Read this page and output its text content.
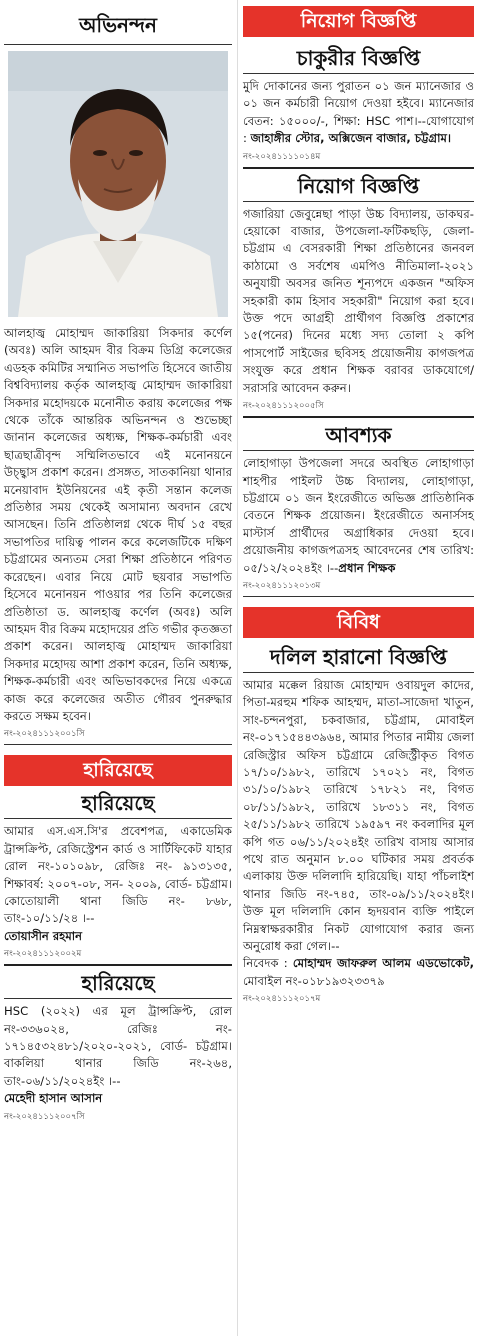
অভিনন্দন

আলহাজ্ব মোহাম্মদ জাকারিয়া সিকদার কর্ণেল (অবঃ) অলি আহমদ বীর বিক্রম ডিগ্রি কলেজের এডহক কমিটির সম্মানিত সভাপতি হিসেবে জাতীয় বিশ্ববিদ্যালয় কর্তৃক আলহাজ্ব মোহাম্মদ জাকারিয়া সিকদার মহোদয়কে মনোনীত করায় কলেজের পক্ষ থেকে তাঁকে আন্তরিক অভিনন্দন ও শুভেচ্ছা জানান কলেজের অধ্যক্ষ, শিক্ষক-কর্মচারী এবং ছাত্রছাত্রীবৃন্দ সম্মিলিতভাবে এই মনোনয়নে উচ্ছ্বাস প্রকাশ করেন। প্রসঙ্গত, সাতকানিয়া থানার মনেয়াবাদ ইউনিয়নের এই কৃতী সন্তান কলেজ প্রতিষ্ঠার সময় থেকেই অসামান্য অবদান রেখে আসছেন। তিনি প্রতিষ্ঠালগ্ন থেকে দীর্ঘ ১৫ বছর সভাপতির দায়িত্ব পালন করে কলেজটিকে দক্ষিণ চট্টগ্রামের অন্যতম সেরা শিক্ষা প্রতিষ্ঠানে পরিণত করেছেন। এবার নিয়ে মোট ছয়বার সভাপতি হিসেবে মনোনয়ন পাওয়ার পর তিনি কলেজের প্রতিষ্ঠাতা ড. আলহাজ্ব কর্ণেল (অবঃ) অলি আহমদ বীর বিক্রম মহোদয়ের প্রতি গভীর কৃতজ্ঞতা প্রকাশ করেন। আলহাজ্ব মোহাম্মদ জাকারিয়া সিকদার মহোদয় আশা প্রকাশ করেন, তিনি অধ্যক্ষ, শিক্ষক-কর্মচারী এবং অভিভাবকদের নিয়ে একত্রে কাজ করে কলেজের অতীত গৌরব পুনরুদ্ধার করতে সক্ষম হবেন।

নং-২০২৪১১১২০০১সি

হারিয়েছে
হারিয়েছে

আমার এস.এস.সি'র প্রবেশপত্র, একাডেমিক ট্রান্সক্রিপ্ট, রেজিস্ট্রেশন কার্ড ও সার্টিফিকেট যাহার রোল নং-১০১০৯৮, রেজিঃ নং- ৯১৩১৩৫, শিক্ষাবর্ষ: ২০০৭-০৮, সন- ২০০৯, বোর্ড- চট্টগ্রাম। কোতোয়ালী থানা জিডি নং- ৮৬৮, তাং-১০/১১/২৪ ।--

তোয়াসীন রহমান

নং-২০২৪১১১২০০২ম

হারিয়েছে

HSC (২০২২) এর মূল ট্রান্সক্রিপ্ট, রোল নং-৩৩৬০২৪, রেজিঃ নং- ১৭১৪৫৩২৪৮১/২০২০-২০২১, বোর্ড- চট্টগ্রাম। বাকলিয়া থানার জিডি নং-২৬৪, তাং-০৬/১১/২০২৪ইং ।--

মেহেদী হাসান আসান

নং-২০২৪১১১২০০৭সি

নিয়োগ বিজ্ঞপ্তি
চাকুরীর বিজ্ঞপ্তি

মুদি দোকানের জন্য পুরাতন ০১ জন ম্যানেজার ও ০১ জন কর্মচারী নিয়োগ দেওয়া হইবে। ম্যানেজার বেতন: ১৫০০০/-, শিক্ষা: HSC পাশ।--যোগাযোগ : জাহাঙ্গীর স্টোর, অক্সিজেন বাজার, চট্টগ্রাম।

নং-২০২৪১১১১০১৪ম

নিয়োগ বিজ্ঞপ্তি

গজারিয়া জেবুন্নেছা পাড়া উচ্চ বিদ্যালয়, ডাকঘর-হেয়াকো বাজার, উপজেলা-ফটিকছড়ি, জেলা-চট্টগ্রাম এ বেসরকারী শিক্ষা প্রতিষ্ঠানের জনবল কাঠামো ও সর্বশেষ এমপিও নীতিমালা-২০২১ অনুযায়ী অবসর জনিত শূন্যপদে একজন "অফিস সহকারী কাম হিসাব সহকারী" নিয়োগ করা হবে। উক্ত পদে আগ্রহী প্রার্থীগণ বিজ্ঞপ্তি প্রকাশের ১৫(পনের) দিনের মধ্যে সদ্য তোলা ২ কপি পাসপোর্ট সাইজের ছবিসহ প্রয়োজনীয় কাগজপত্র সংযুক্ত করে প্রধান শিক্ষক বরাবর ডাকযোগে/সরাসরি আবেদন করুন।

নং-২০২৪১১১২০০৫সি

আবশ্যক

লোহাগাড়া উপজেলা সদরে অবস্থিত লোহাগাড়া শাহপীর পাইলট উচ্চ বিদ্যালয়, লোহাগাড়া, চট্টগ্রামে ০১ জন ইংরেজীতে অভিজ্ঞ প্রাতিষ্ঠানিক বেতনে শিক্ষক প্রয়োজন। ইংরেজীতে অনার্সসহ মাস্টার্স প্রার্থীদের অগ্রাধিকার দেওয়া হবে। প্রয়োজনীয় কাগজপত্রসহ আবেদনের শেষ তারিখ: ০৫/১২/২০২৪ইং ।--প্রধান শিক্ষক

নং-২০২৪১১১২০১৩ম

বিবিধ
দলিল হারানো বিজ্ঞপ্তি

আমার মক্কেল রিয়াজ মোহাম্মদ ওবায়দুল কাদের, পিতা-মরহুম শফিক আহম্মদ, মাতা-সাজেদা খাতুন, সাং-চন্দনপুরা, চকবাজার, চট্টগ্রাম, মোবাইল নং-০১৭১৫৪৪৩৯৬৪, আমার পিতার নামীয় জেলা রেজিস্ট্রার অফিস চট্টগ্রামে রেজিস্ট্রীকৃত বিগত ১৭/১০/১৯৮২, তারিখে ১৭০২১ নং, বিগত ৩১/১০/১৯৮২ তারিখে ১৭৮২১ নং, বিগত ০৮/১১/১৯৮২, তারিখে ১৮৩১১ নং, বিগত ২৫/১১/১৯৮২ তারিখে ১৯৫৯৭ নং কবলাদির মূল কপি গত ০৬/১১/২০২৪ইং তারিখ বাসায় আসার পথে রাত অনুমান ৮.০০ ঘটিকার সময় প্রবর্তক এলাকায় উক্ত দলিলাদি হারিয়েছি। যাহা পাঁচলাইশ থানার জিডি নং-৭৪৫, তাং-০৯/১১/২০২৪ইং। উক্ত মূল দলিলাদি কোন হৃদয়বান ব্যক্তি পাইলে নিম্নস্বাক্ষরকারীর নিকট যোগাযোগ করার জন্য অনুরোধ করা গেল।--

নিবেদক : মোহাম্মদ জাফরুল আলম এডভোকেট, মোবাইল নং-০১৮১৯৩২৩৩৭৯

নং-২০২৪১১১২০১৭ম
